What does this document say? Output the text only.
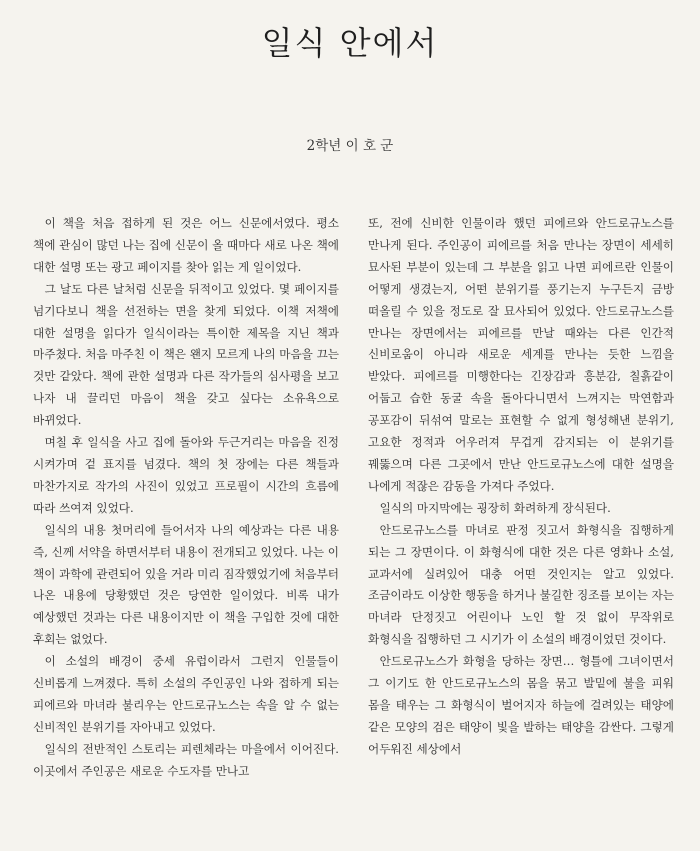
일식 안에서
2학년 이 호 군

이 책을 처음 접하게 된 것은 어느 신문에서였다. 평소 책에 관심이 많던 나는 집에 신문이 올 때마다 새로 나온 책에 대한 설명 또는 광고 페이지를 찾아 읽는 게 일이었다.

그 날도 다른 날처럼 신문을 뒤적이고 있었다. 몇 페이지를 넘기다보니 책을 선전하는 면을 찾게 되었다. 이책 저책에 대한 설명을 읽다가 일식이라는 특이한 제목을 지닌 책과 마주쳤다. 처음 마주친 이 책은 왠지 모르게 나의 마음을 끄는 것만 같았다. 책에 관한 설명과 다른 작가들의 심사평을 보고 나자 내 끌리던 마음이 책을 갖고 싶다는 소유욕으로 바뀌었다.

며칠 후 일식을 사고 집에 돌아와 두근거리는 마음을 진정 시켜가며 겉 표지를 넘겼다. 책의 첫 장에는 다른 책들과 마찬가지로 작가의 사진이 있었고 프로필이 시간의 흐름에 따라 쓰여져 있었다.

일식의 내용 첫머리에 들어서자 나의 예상과는 다른 내용 즉, 신께 서약을 하면서부터 내용이 전개되고 있었다. 나는 이 책이 과학에 관련되어 있을 거라 미리 짐작했었기에 처음부터 나온 내용에 당황했던 것은 당연한 일이었다. 비록 내가 예상했던 것과는 다른 내용이지만 이 책을 구입한 것에 대한 후회는 없었다.

이 소설의 배경이 중세 유럽이라서 그런지 인물들이 신비롭게 느껴졌다. 특히 소설의 주인공인 나와 접하게 되는 피에르와 마녀라 불리우는 안드로규노스는 속을 알 수 없는 신비적인 분위기를 자아내고 있었다.

일식의 전반적인 스토리는 피렌체라는 마을에서 이어진다. 이곳에서 주인공은 새로운 수도자를 만나고

또, 전에 신비한 인물이라 했던 피에르와 안드로규노스를 만나게 된다. 주인공이 피에르를 처음 만나는 장면이 세세히 묘사된 부분이 있는데 그 부분을 읽고 나면 피에르란 인물이 어떻게 생겼는지, 어떤 분위기를 풍기는지 누구든지 금방 떠올릴 수 있을 정도로 잘 묘사되어 있었다. 안드로규노스를 만나는 장면에서는 피에르를 만날 때와는 다른 인간적 신비로움이 아니라 새로운 세계를 만나는 듯한 느낌을 받았다. 피에르를 미행한다는 긴장감과 흥분감, 칠흙같이 어둡고 습한 동굴 속을 돌아다니면서 느껴지는 막연함과 공포감이 뒤섞여 말로는 표현할 수 없게 형성해낸 분위기, 고요한 정적과 어우러져 무겁게 감지되는 이 분위기를 꿰뚫으며 다른 그곳에서 만난 안드로규노스에 대한 설명을 나에게 적잖은 감동을 가져다 주었다.

일식의 마지막에는 굉장히 화려하게 장식된다.

안드로규노스를 마녀로 판정 짓고서 화형식을 집행하게 되는 그 장면이다. 이 화형식에 대한 것은 다른 영화나 소설, 교과서에 실려있어 대충 어떤 것인지는 알고 있었다. 조금이라도 이상한 행동을 하거나 불길한 징조를 보이는 자는 마녀라 단정짓고 어린이나 노인 할 것 없이 무작위로 화형식을 집행하던 그 시기가 이 소설의 배경이었던 것이다.

안드로규노스가 화형을 당하는 장면… 형틀에 그녀이면서 그 이기도 한 안드로규노스의 몸을 묶고 발밑에 불을 피워 몸을 태우는 그 화형식이 벌어지자 하늘에 걸려있는 태양에 같은 모양의 검은 태양이 빛을 발하는 태양을 감싼다. 그렇게 어두워진 세상에서
